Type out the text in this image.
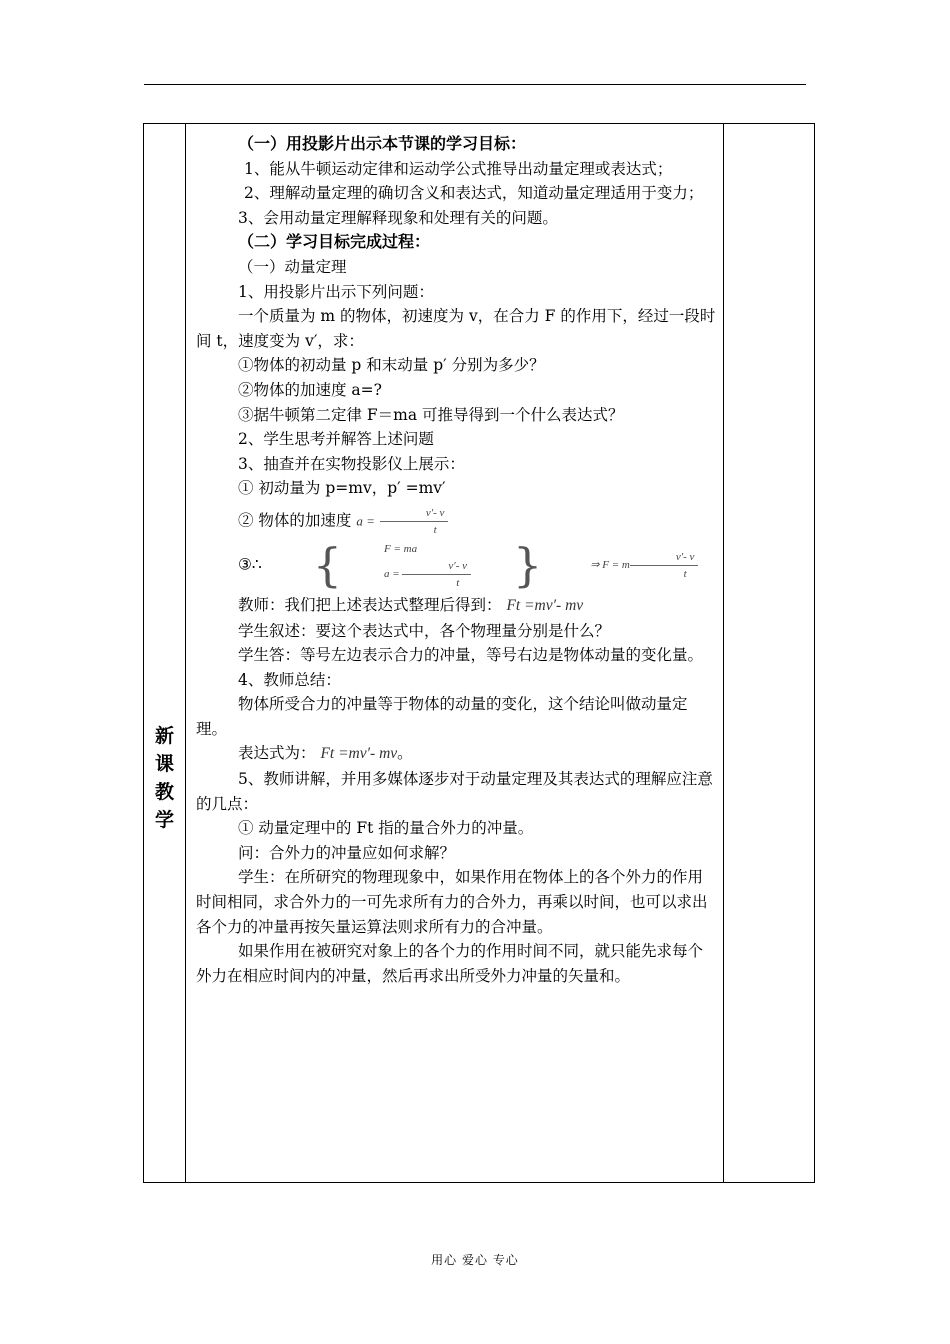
新
课
教
学

（一）用投影片出示本节课的学习目标：

1、能从牛顿运动定律和运动学公式推导出动量定理或表达式；

2、理解动量定理的确切含义和表达式，知道动量定理适用于变力；

3、会用动量定理解释现象和处理有关的问题。

（二）学习目标完成过程：

（一）动量定理

1、用投影片出示下列问题：

一个质量为 m 的物体，初速度为 v，在合力 F 的作用下，经过一段时间 t，速度变为 v′，求：

①物体的初动量 p 和末动量 p′ 分别为多少？

②物体的加速度 a=?

③据牛顿第二定律 F＝ma 可推导得到一个什么表达式？

2、学生思考并解答上述问题

3、抽查并在实物投影仪上展示：

① 初动量为 p=mv，p′ =mv′

② 物体的加速度 $a = \frac{v'- v}{t}$

③∴	{	F = ma
$a = \frac{v'- v}{t}$ }	⇒ F = m $\frac{v'- v}{t}$

教师：我们把上述表达式整理后得到： Ft =mv′- mv

学生叙述：要这个表达式中，各个物理量分别是什么？

学生答：等号左边表示合力的冲量，等号右边是物体动量的变化量。

4、教师总结：

物体所受合力的冲量等于物体的动量的变化，这个结论叫做动量定理。

表达式为： Ft =mv′- mv。

5、教师讲解，并用多媒体逐步对于动量定理及其表达式的理解应注意的几点：

① 动量定理中的 Ft 指的量合外力的冲量。

问：合外力的冲量应如何求解？

学生：在所研究的物理现象中，如果作用在物体上的各个外力的作用时间相同，求合外力的一可先求所有力的合外力，再乘以时间，也可以求出各个力的冲量再按矢量运算法则求所有力的合冲量。

如果作用在被研究对象上的各个力的作用时间不同，就只能先求每个外力在相应时间内的冲量，然后再求出所受外力冲量的矢量和。

用心 爱心 专心
